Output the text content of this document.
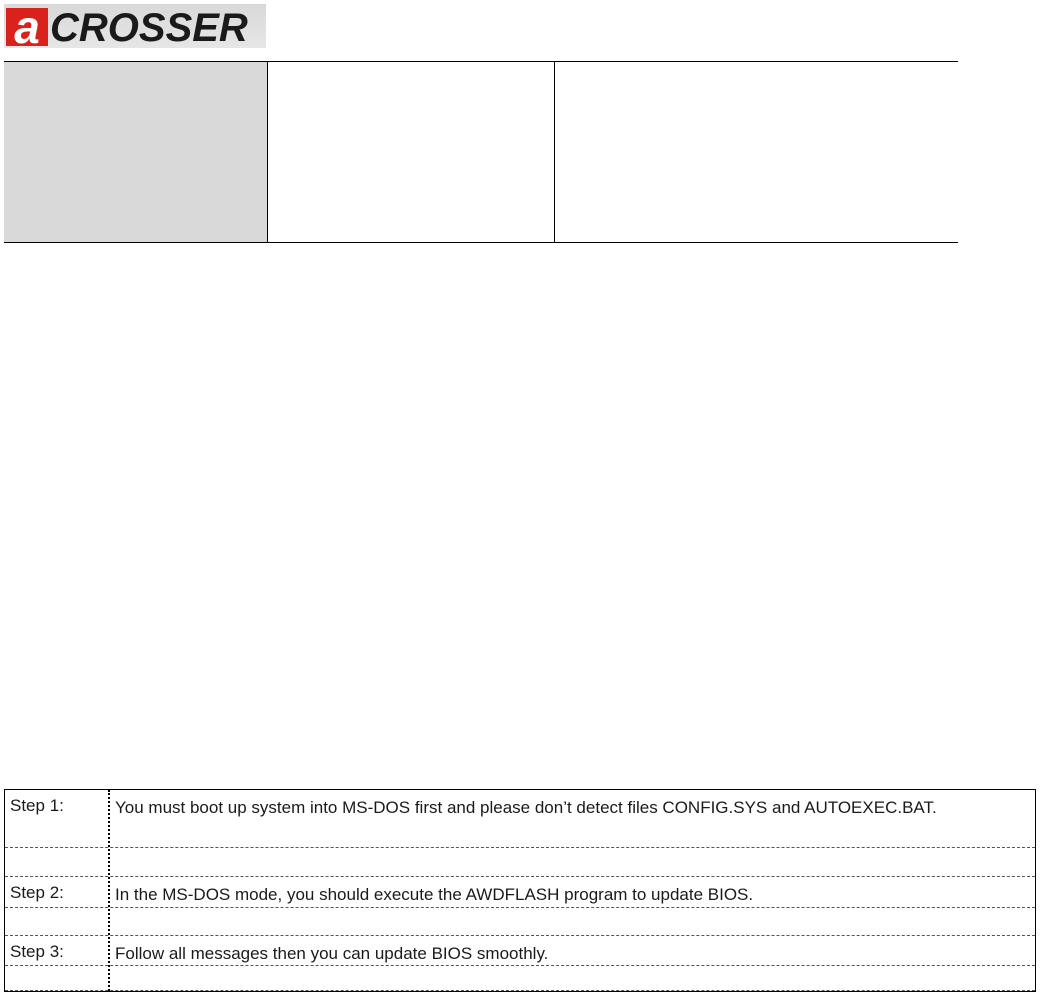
a CROSSER
Step 1:	You must boot up system into MS-DOS first and please don’t detect files CONFIG.SYS and AUTOEXEC.BAT.
Step 2:	In the MS-DOS mode, you should execute the AWDFLASH program to update BIOS.
Step 3:	Follow all messages then you can update BIOS smoothly.
